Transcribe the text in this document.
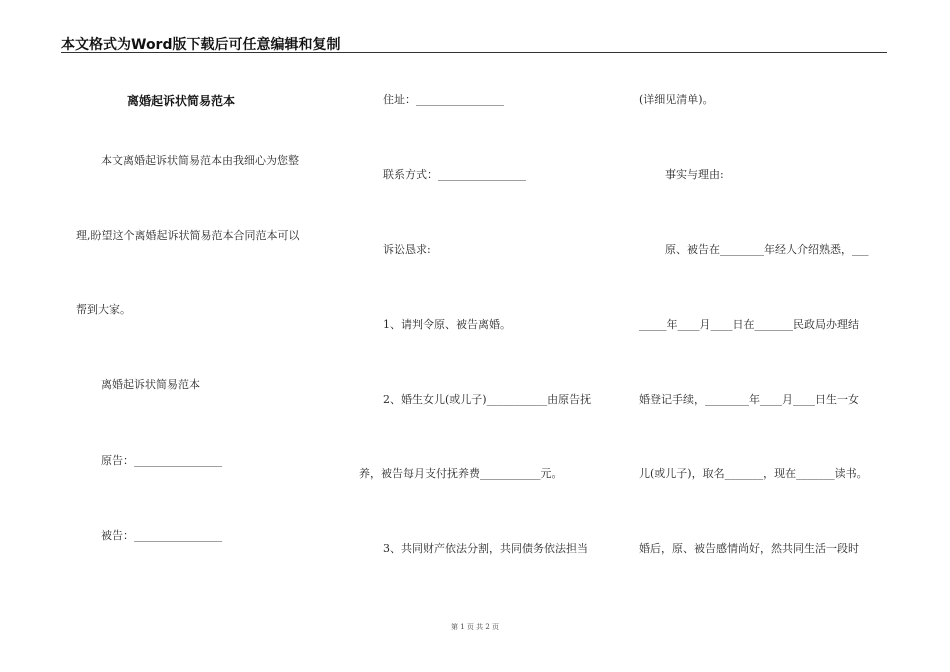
本文格式为Word版下载后可任意编辑和复制
离婚起诉状简易范本
本文离婚起诉状简易范本由我细心为您整
理,盼望这个离婚起诉状简易范本合同范本可以
帮到大家。
离婚起诉状简易范本
原告：________________
被告：________________
住址：________________
联系方式：________________
诉讼恳求:
1、请判令原、被告离婚。
2、婚生女儿(或儿子)___________由原告抚
养，被告每月支付抚养费___________元。
3、共同财产依法分割，共同债务依法担当
(详细见清单)。
事实与理由:
原、被告在________年经人介绍熟悉，___
_____年____月____日在_______民政局办理结
婚登记手续，________年____月____日生一女
儿(或儿子)，取名_______，现在_______读书。
婚后，原、被告感情尚好，然共同生活一段时
第 1 页 共 2 页
